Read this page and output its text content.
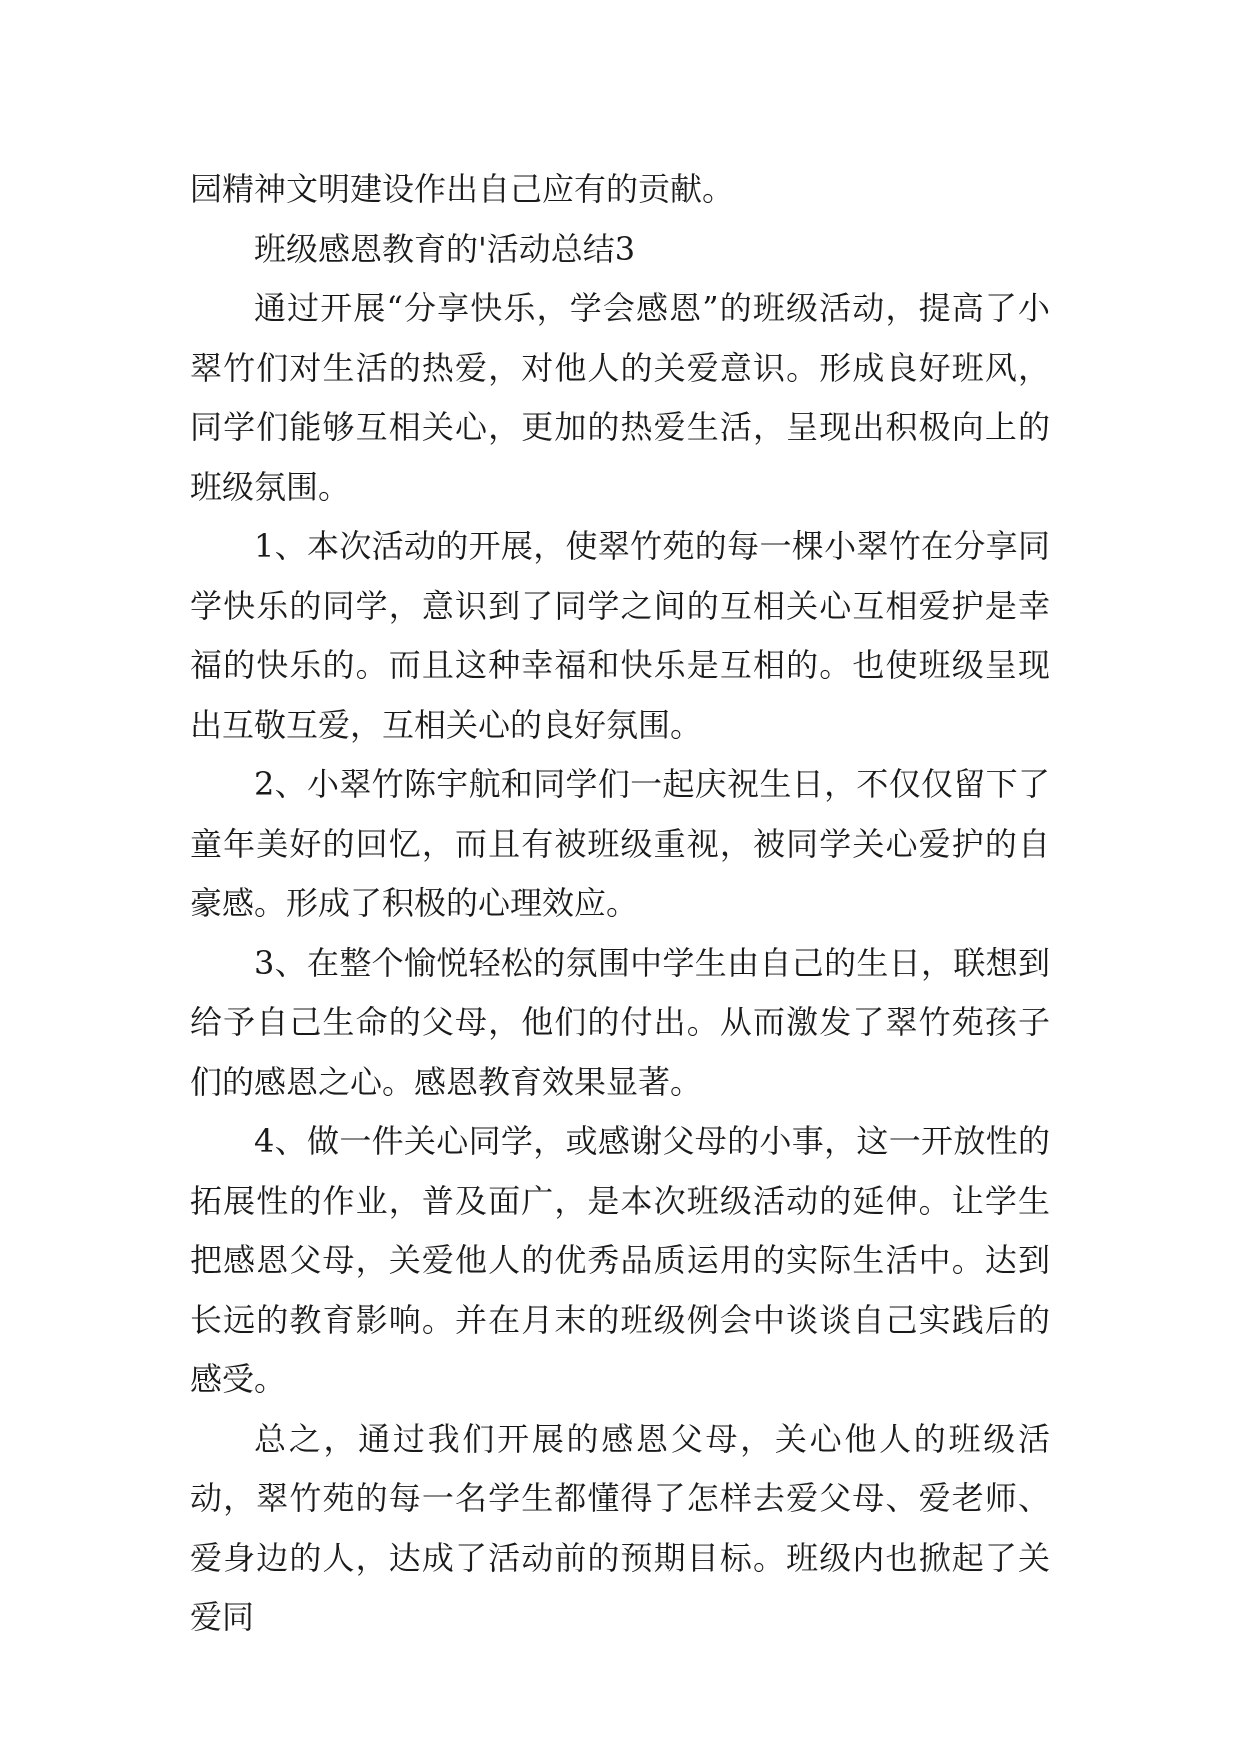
园精神文明建设作出自己应有的贡献。

班级感恩教育的'活动总结3

通过开展“分享快乐，学会感恩”的班级活动，提高了小翠竹们对生活的热爱，对他人的关爱意识。形成良好班风，同学们能够互相关心，更加的热爱生活，呈现出积极向上的班级氛围。

1、本次活动的开展，使翠竹苑的每一棵小翠竹在分享同学快乐的同学，意识到了同学之间的互相关心互相爱护是幸福的快乐的。而且这种幸福和快乐是互相的。也使班级呈现出互敬互爱，互相关心的良好氛围。

2、小翠竹陈宇航和同学们一起庆祝生日，不仅仅留下了童年美好的回忆，而且有被班级重视，被同学关心爱护的自豪感。形成了积极的心理效应。

3、在整个愉悦轻松的氛围中学生由自己的生日，联想到给予自己生命的父母，他们的付出。从而激发了翠竹苑孩子们的感恩之心。感恩教育效果显著。

4、做一件关心同学，或感谢父母的小事，这一开放性的拓展性的作业，普及面广，是本次班级活动的延伸。让学生把感恩父母，关爱他人的优秀品质运用的实际生活中。达到长远的教育影响。并在月末的班级例会中谈谈自己实践后的感受。

总之，通过我们开展的感恩父母，关心他人的班级活动，翠竹苑的每一名学生都懂得了怎样去爱父母、爱老师、爱身边的人，达成了活动前的预期目标。班级内也掀起了关爱同
